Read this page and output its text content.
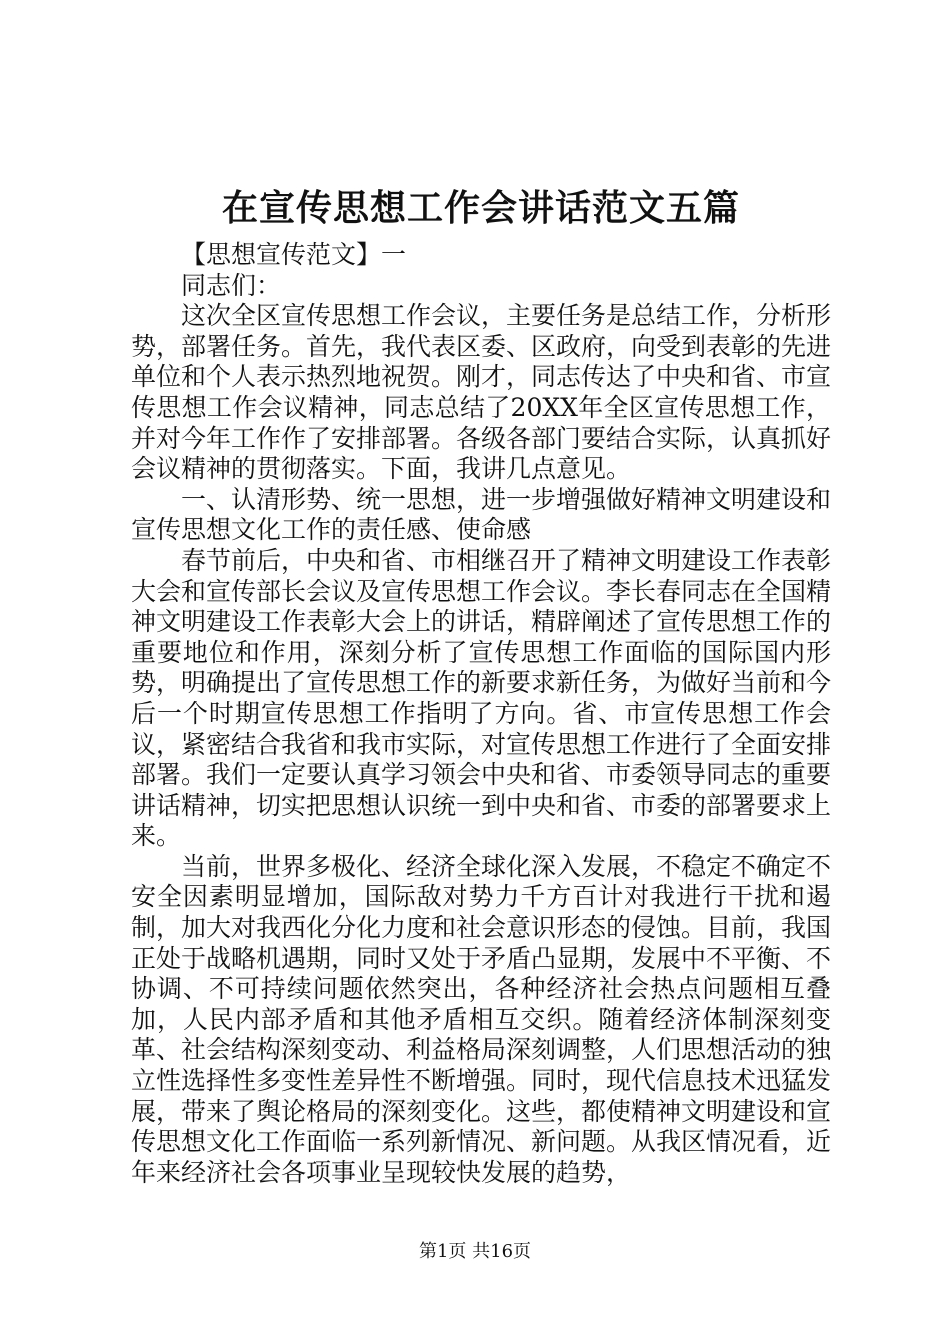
在宣传思想工作会讲话范文五篇

【思想宣传范文】一

同志们：

这次全区宣传思想工作会议，主要任务是总结工作，分析形势，部署任务。首先，我代表区委、区政府，向受到表彰的先进单位和个人表示热烈地祝贺。刚才，同志传达了中央和省、市宣传思想工作会议精神，同志总结了20XX年全区宣传思想工作，并对今年工作作了安排部署。各级各部门要结合实际，认真抓好会议精神的贯彻落实。下面，我讲几点意见。

一、认清形势、统一思想，进一步增强做好精神文明建设和宣传思想文化工作的责任感、使命感

春节前后，中央和省、市相继召开了精神文明建设工作表彰大会和宣传部长会议及宣传思想工作会议。李长春同志在全国精神文明建设工作表彰大会上的讲话，精辟阐述了宣传思想工作的重要地位和作用，深刻分析了宣传思想工作面临的国际国内形势，明确提出了宣传思想工作的新要求新任务，为做好当前和今后一个时期宣传思想工作指明了方向。省、市宣传思想工作会议，紧密结合我省和我市实际，对宣传思想工作进行了全面安排部署。我们一定要认真学习领会中央和省、市委领导同志的重要讲话精神，切实把思想认识统一到中央和省、市委的部署要求上来。

当前，世界多极化、经济全球化深入发展，不稳定不确定不安全因素明显增加，国际敌对势力千方百计对我进行干扰和遏制，加大对我西化分化力度和社会意识形态的侵蚀。目前，我国正处于战略机遇期，同时又处于矛盾凸显期，发展中不平衡、不协调、不可持续问题依然突出，各种经济社会热点问题相互叠加，人民内部矛盾和其他矛盾相互交织。随着经济体制深刻变革、社会结构深刻变动、利益格局深刻调整，人们思想活动的独立性选择性多变性差异性不断增强。同时，现代信息技术迅猛发展，带来了舆论格局的深刻变化。这些，都使精神文明建设和宣传思想文化工作面临一系列新情况、新问题。从我区情况看，近年来经济社会各项事业呈现较快发展的趋势，

第1页 共16页
